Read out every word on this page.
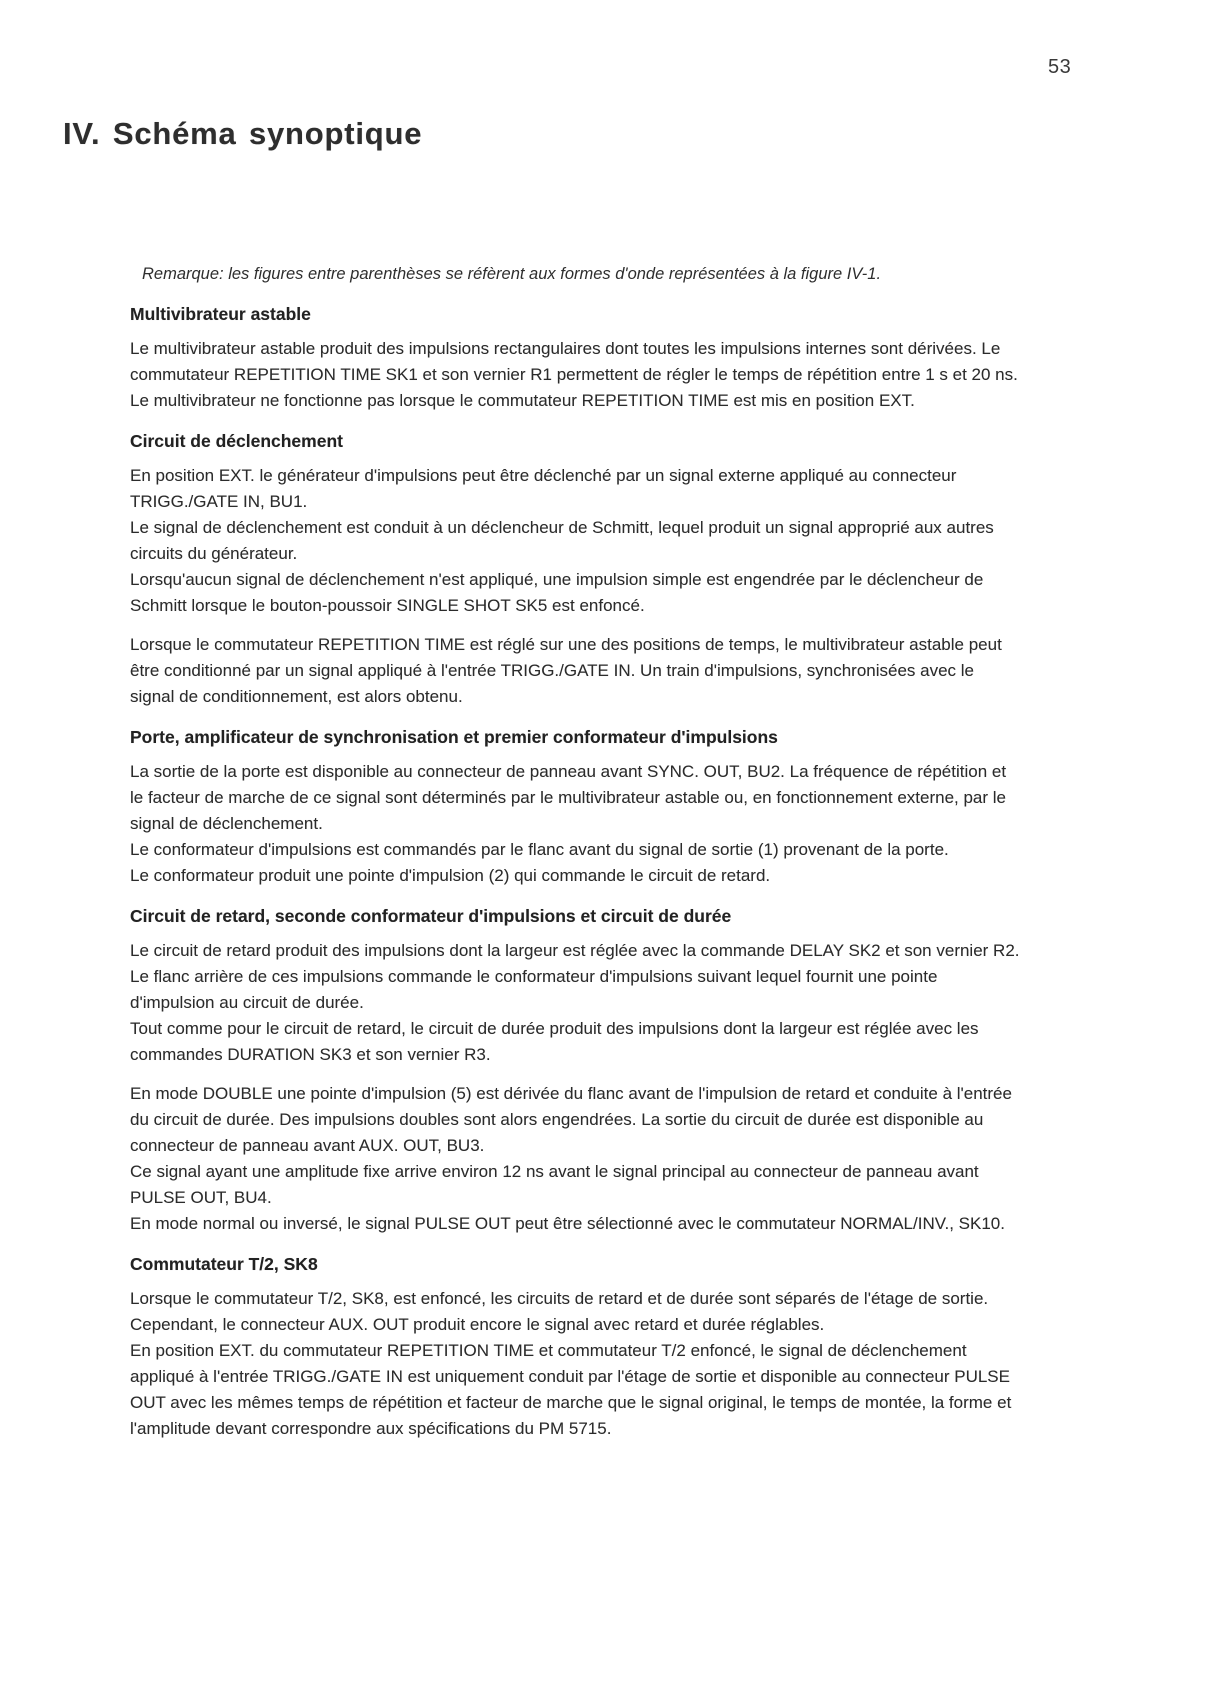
53
IV. Schéma synoptique

Remarque: les figures entre parenthèses se réfèrent aux formes d'onde représentées à la figure IV-1.

Multivibrateur astable

Le multivibrateur astable produit des impulsions rectangulaires dont toutes les impulsions internes sont dérivées. Le commutateur REPETITION TIME SK1 et son vernier R1 permettent de régler le temps de répétition entre 1 s et 20 ns.

Le multivibrateur ne fonctionne pas lorsque le commutateur REPETITION TIME est mis en position EXT.

Circuit de déclenchement

En position EXT. le générateur d'impulsions peut être déclenché par un signal externe appliqué au connecteur TRIGG./GATE IN, BU1.

Le signal de déclenchement est conduit à un déclencheur de Schmitt, lequel produit un signal approprié aux autres circuits du générateur.

Lorsqu'aucun signal de déclenchement n'est appliqué, une impulsion simple est engendrée par le déclencheur de Schmitt lorsque le bouton-poussoir SINGLE SHOT SK5 est enfoncé.

Lorsque le commutateur REPETITION TIME est réglé sur une des positions de temps, le multivibrateur astable peut être conditionné par un signal appliqué à l'entrée TRIGG./GATE IN. Un train d'impulsions, synchronisées avec le signal de conditionnement, est alors obtenu.

Porte, amplificateur de synchronisation et premier conformateur d'impulsions

La sortie de la porte est disponible au connecteur de panneau avant SYNC. OUT, BU2. La fréquence de répétition et le facteur de marche de ce signal sont déterminés par le multivibrateur astable ou, en fonctionnement externe, par le signal de déclenchement.

Le conformateur d'impulsions est commandés par le flanc avant du signal de sortie (1) provenant de la porte.

Le conformateur produit une pointe d'impulsion (2) qui commande le circuit de retard.

Circuit de retard, seconde conformateur d'impulsions et circuit de durée

Le circuit de retard produit des impulsions dont la largeur est réglée avec la commande DELAY SK2 et son vernier R2.

Le flanc arrière de ces impulsions commande le conformateur d'impulsions suivant lequel fournit une pointe d'impulsion au circuit de durée.

Tout comme pour le circuit de retard, le circuit de durée produit des impulsions dont la largeur est réglée avec les commandes DURATION SK3 et son vernier R3.

En mode DOUBLE une pointe d'impulsion (5) est dérivée du flanc avant de l'impulsion de retard et conduite à l'entrée du circuit de durée. Des impulsions doubles sont alors engendrées. La sortie du circuit de durée est disponible au connecteur de panneau avant AUX. OUT, BU3.

Ce signal ayant une amplitude fixe arrive environ 12 ns avant le signal principal au connecteur de panneau avant PULSE OUT, BU4.

En mode normal ou inversé, le signal PULSE OUT peut être sélectionné avec le commutateur NORMAL/INV., SK10.

Commutateur T/2, SK8

Lorsque le commutateur T/2, SK8, est enfoncé, les circuits de retard et de durée sont séparés de l'étage de sortie.

Cependant, le connecteur AUX. OUT produit encore le signal avec retard et durée réglables.

En position EXT. du commutateur REPETITION TIME et commutateur T/2 enfoncé, le signal de déclenchement appliqué à l'entrée TRIGG./GATE IN est uniquement conduit par l'étage de sortie et disponible au connecteur PULSE OUT avec les mêmes temps de répétition et facteur de marche que le signal original, le temps de montée, la forme et l'amplitude devant correspondre aux spécifications du PM 5715.
